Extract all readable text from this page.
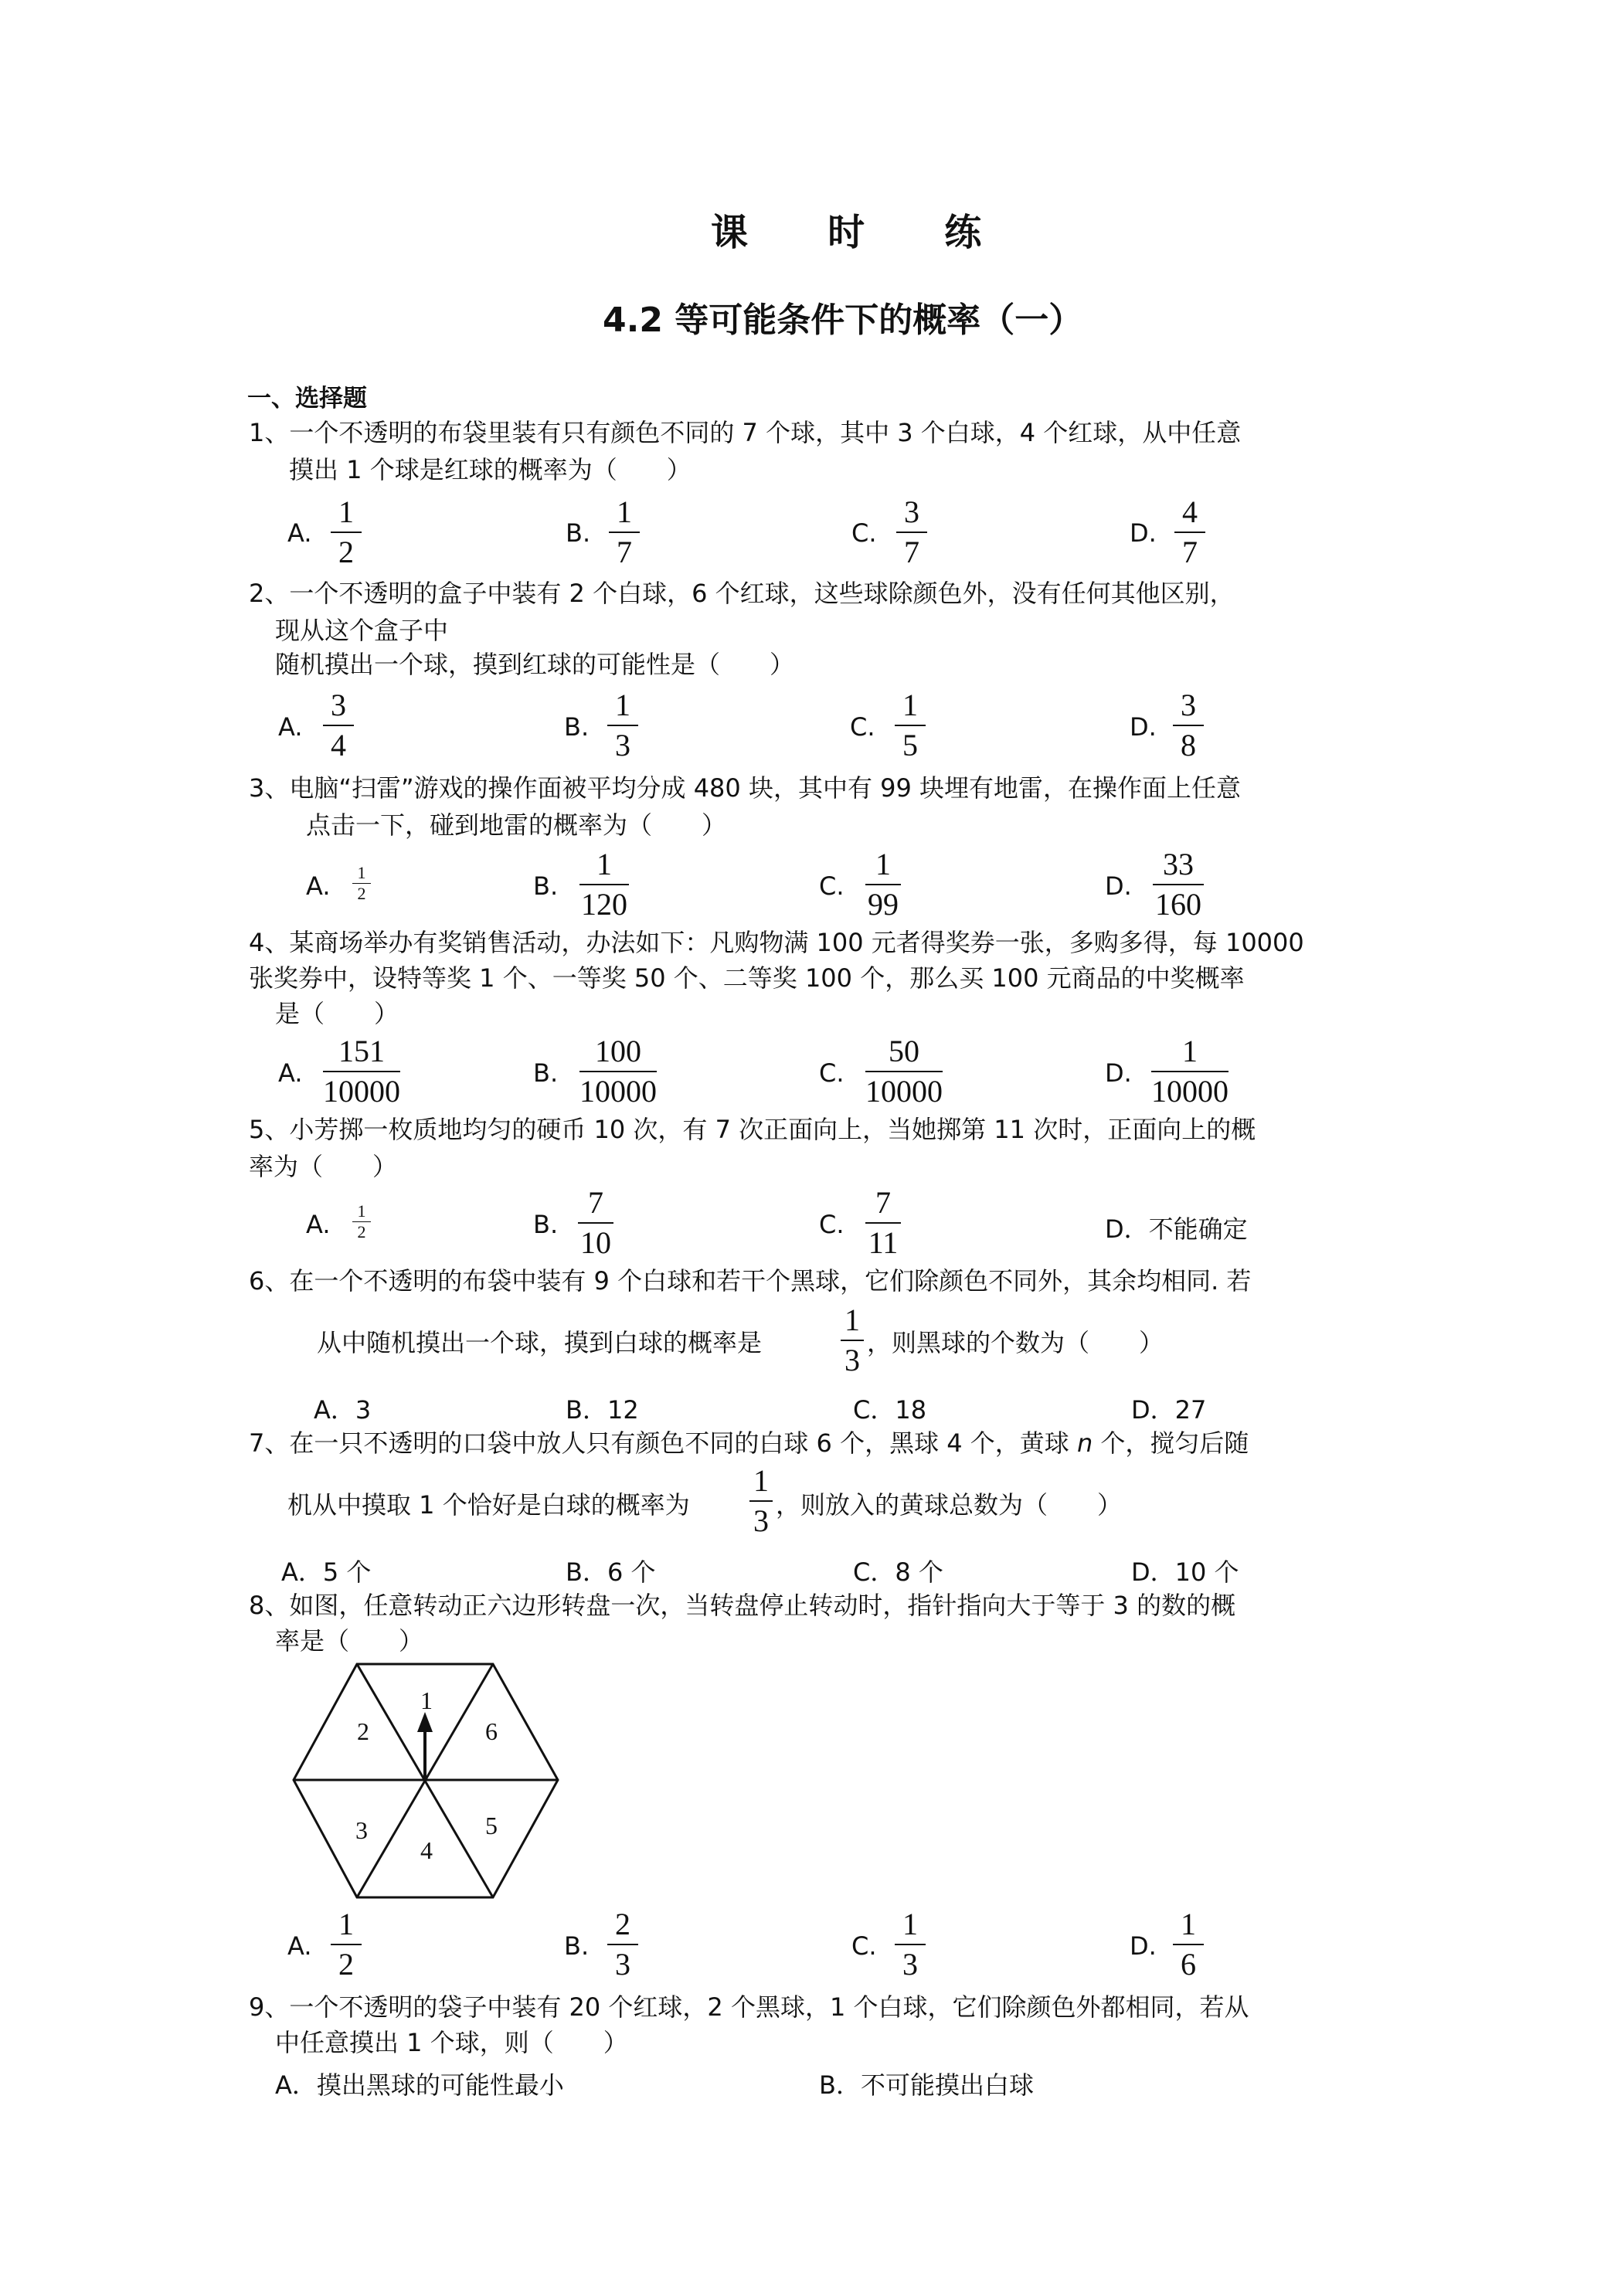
课 时 练
4.2 等可能条件下的概率（一）
一、选择题
1、一个不透明的布袋里装有只有颜色不同的 7 个球，其中 3 个白球，4 个红球，从中任意
摸出 1 个球是红球的概率为（　　）
A.
1
2
B.
1
7
C.
3
7
D.
4
7
2、一个不透明的盒子中装有 2 个白球，6 个红球，这些球除颜色外，没有任何其他区别，
现从这个盒子中
随机摸出一个球，摸到红球的可能性是（　　）
A.
3
4
B.
1
3
C.
1
5
D.
3
8
3、电脑“扫雷”游戏的操作面被平均分成 480 块，其中有 99 块埋有地雷，在操作面上任意
点击一下，碰到地雷的概率为（　　）
A. 1
2	B.
1
120
C.
1
99
D.
33
160
4、某商场举办有奖销售活动，办法如下：凡购物满 100 元者得奖券一张，多购多得，每 10000
张奖券中，设特等奖 1 个、一等奖 50 个、二等奖 100 个，那么买 100 元商品的中奖概率
是（　　）
A.
151
10000
B.
100
10000
C.
50
10000
D.
1
10000
5、小芳掷一枚质地均匀的硬币 10 次，有 7 次正面向上，当她掷第 11 次时，正面向上的概
率为（　　）
A. 1
2	B.
7
10
C.
7
11	D．不能确定
6、在一个不透明的布袋中装有 9 个白球和若干个黑球，它们除颜色不同外，其余均相同. 若
从中随机摸出一个球，摸到白球的概率是
1
3 ，则黑球的个数为（　　）
A．3	B．12	C．18	D．27
7、在一只不透明的口袋中放人只有颜色不同的白球 6 个，黑球 4 个，黄球 n 个，搅匀后随
机从中摸取 1 个恰好是白球的概率为
1
3 ，则放入的黄球总数为（　　）
A．5 个	B．6 个	C．8 个	D．10 个
8、如图，任意转动正六边形转盘一次，当转盘停止转动时，指针指向大于等于 3 的数的概
率是（　　）
1
6
5
4
3
2
A.
1
2
B.
2
3
C.
1
3
D.
1
6
9、一个不透明的袋子中装有 20 个红球，2 个黑球，1 个白球，它们除颜色外都相同，若从
中任意摸出 1 个球，则（　　）
A．摸出黑球的可能性最小	B．不可能摸出白球
